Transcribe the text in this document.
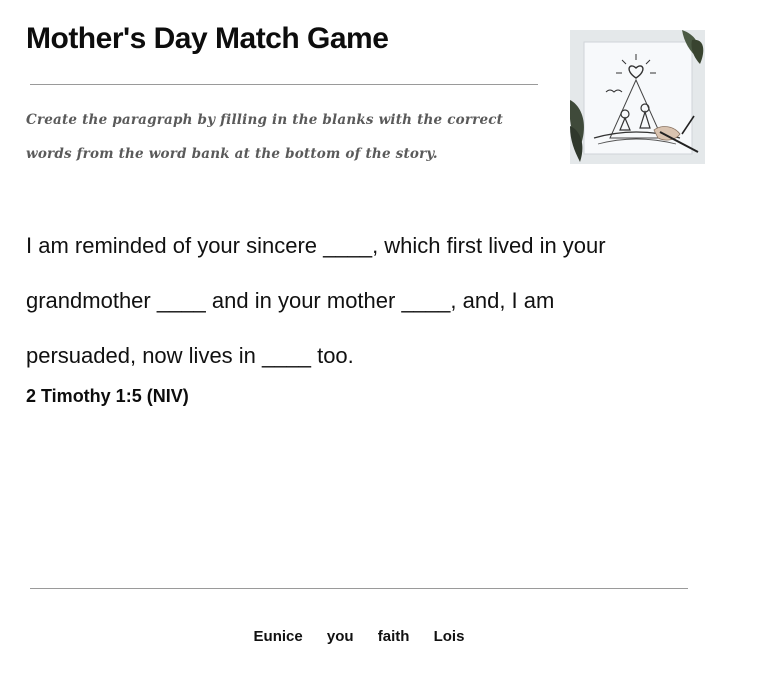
Mother's Day Match Game
Create the paragraph by filling in the blanks with the correct
words from the word bank at the bottom of the story.

I am reminded of your sincere ____, which first lived in your

grandmother ____ and in your mother ____, and, I am

persuaded, now lives in ____ too.

2 Timothy 1:5 (NIV)
Eunice you faith Lois
